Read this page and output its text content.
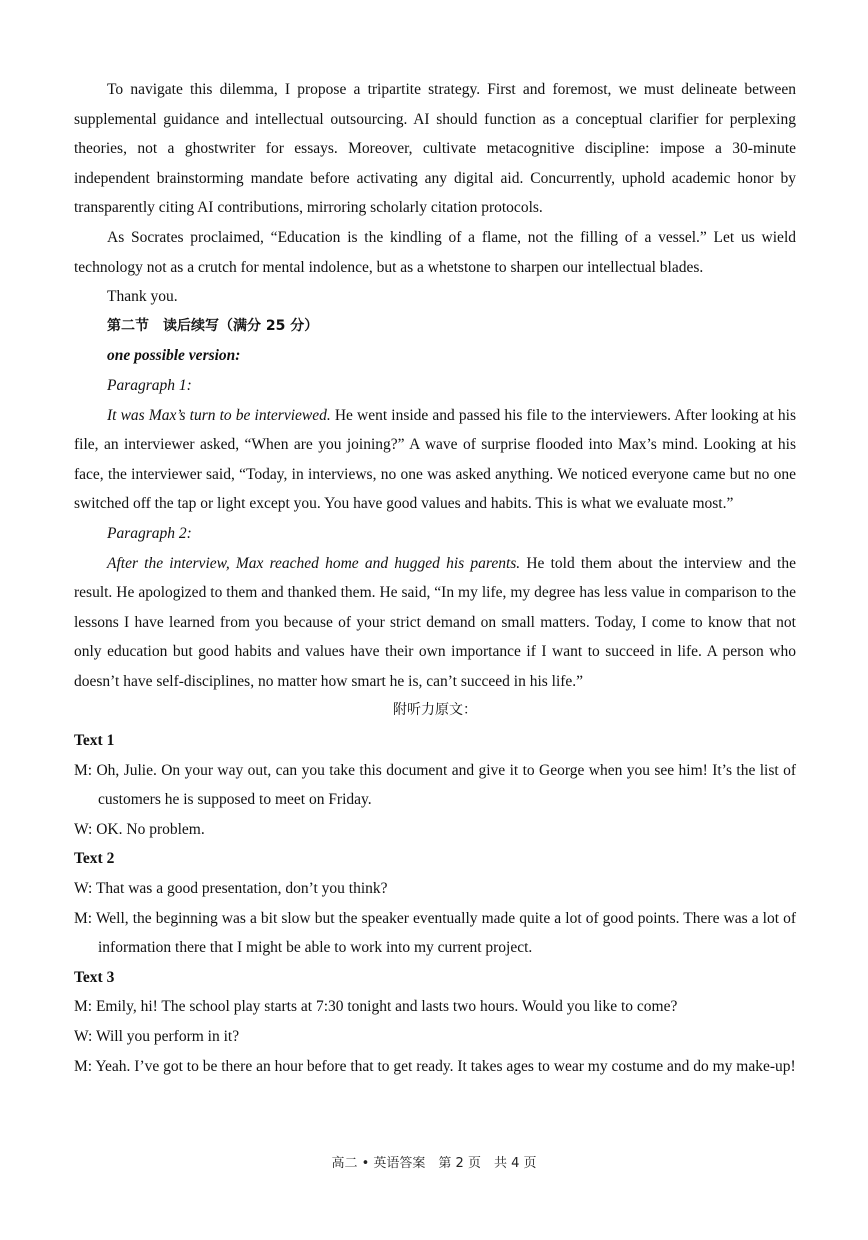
To navigate this dilemma, I propose a tripartite strategy. First and foremost, we must delineate between supplemental guidance and intellectual outsourcing. AI should function as a conceptual clarifier for perplexing theories, not a ghostwriter for essays. Moreover, cultivate metacognitive discipline: impose a 30-minute independent brainstorming mandate before activating any digital aid. Concurrently, uphold academic honor by transparently citing AI contributions, mirroring scholarly citation protocols.

As Socrates proclaimed, “Education is the kindling of a flame, not the filling of a vessel.” Let us wield technology not as a crutch for mental indolence, but as a whetstone to sharpen our intellectual blades.

Thank you.

第二节　读后续写（满分 25 分）

one possible version:

Paragraph 1:

It was Max’s turn to be interviewed. He went inside and passed his file to the interviewers. After looking at his file, an interviewer asked, “When are you joining?” A wave of surprise flooded into Max’s mind. Looking at his face, the interviewer said, “Today, in interviews, no one was asked anything. We noticed everyone came but no one switched off the tap or light except you. You have good values and habits. This is what we evaluate most.”

Paragraph 2:

After the interview, Max reached home and hugged his parents. He told them about the interview and the result. He apologized to them and thanked them. He said, “In my life, my degree has less value in comparison to the lessons I have learned from you because of your strict demand on small matters. Today, I come to know that not only education but good habits and values have their own importance if I want to succeed in life. A person who doesn’t have self-disciplines, no matter how smart he is, can’t succeed in his life.”

附听力原文：

Text 1

M: Oh, Julie. On your way out, can you take this document and give it to George when you see him! It’s the list of customers he is supposed to meet on Friday.

W: OK. No problem.

Text 2

W: That was a good presentation, don’t you think?

M: Well, the beginning was a bit slow but the speaker eventually made quite a lot of good points. There was a lot of information there that I might be able to work into my current project.

Text 3

M: Emily, hi! The school play starts at 7:30 tonight and lasts two hours. Would you like to come?

W: Will you perform in it?

M: Yeah. I’ve got to be there an hour before that to get ready. It takes ages to wear my costume and do my make-up!

高二 • 英语答案　第 2 页　共 4 页
